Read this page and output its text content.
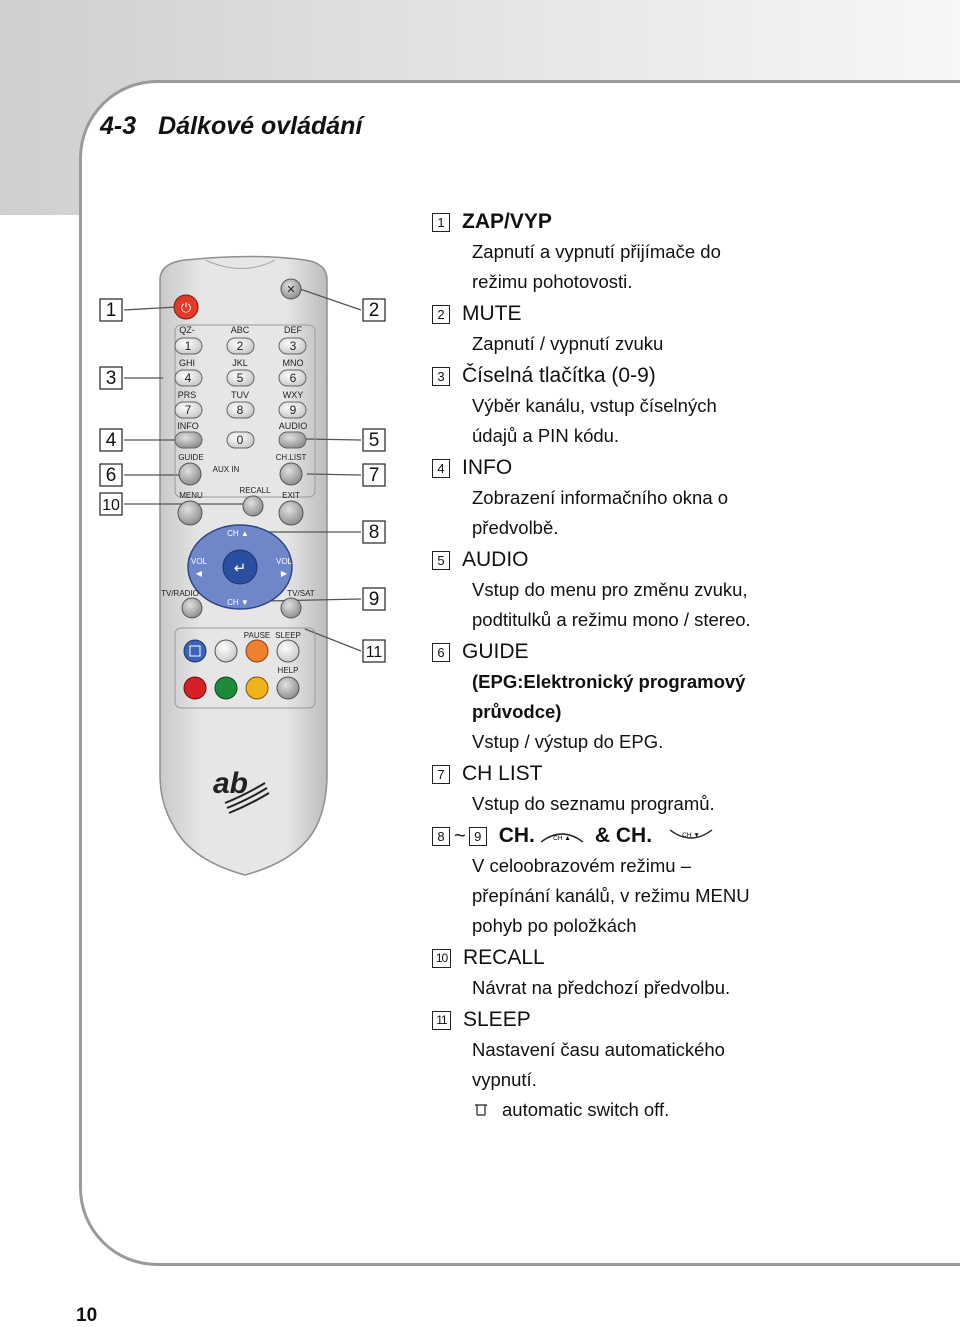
4-3 Dálkové ovládání
1
3
4
6
10
2
5
7
8
9
11
⏻
✕
QZ-	ABC	DEF
1	2	3
GHI	JKL	MNO
4	5	6
PRS	TUV	WXY
7	8	9
INFO	AUDIO
0
GUIDE
AUX IN
CH.LIST
RECALL
MENU	EXIT
↵
CH ▲
CH ▼
VOL
◀
VOL
▶
TV/RADIO	TV/SAT
PAUSE SLEEP
HELP
ab
1 ZAP/VYP
Zapnutí a vypnutí přijímače do
režimu pohotovosti.
2 MUTE
Zapnutí / vypnutí zvuku
3 Číselná tlačítka (0-9)
Výběr kanálu, vstup číselných
údajů a PIN kódu.
4 INFO
Zobrazení informačního okna o
předvolbě.
5 AUDIO
Vstup do menu pro změnu zvuku,
podtitulků a režimu mono / stereo.
6 GUIDE
(EPG:Elektronický programový
průvodce)
Vstup / výstup do EPG.
7 CH LIST
Vstup do seznamu programů.
8 ~ 9 CH.	CH ▲ & CH.	CH ▼
V celoobrazovém režimu –
přepínání kanálů, v režimu MENU
pohyb po položkách
10 RECALL
Návrat na předchozí předvolbu.
11 SLEEP
Nastavení času automatického
vypnutí.
automatic switch off.
10
